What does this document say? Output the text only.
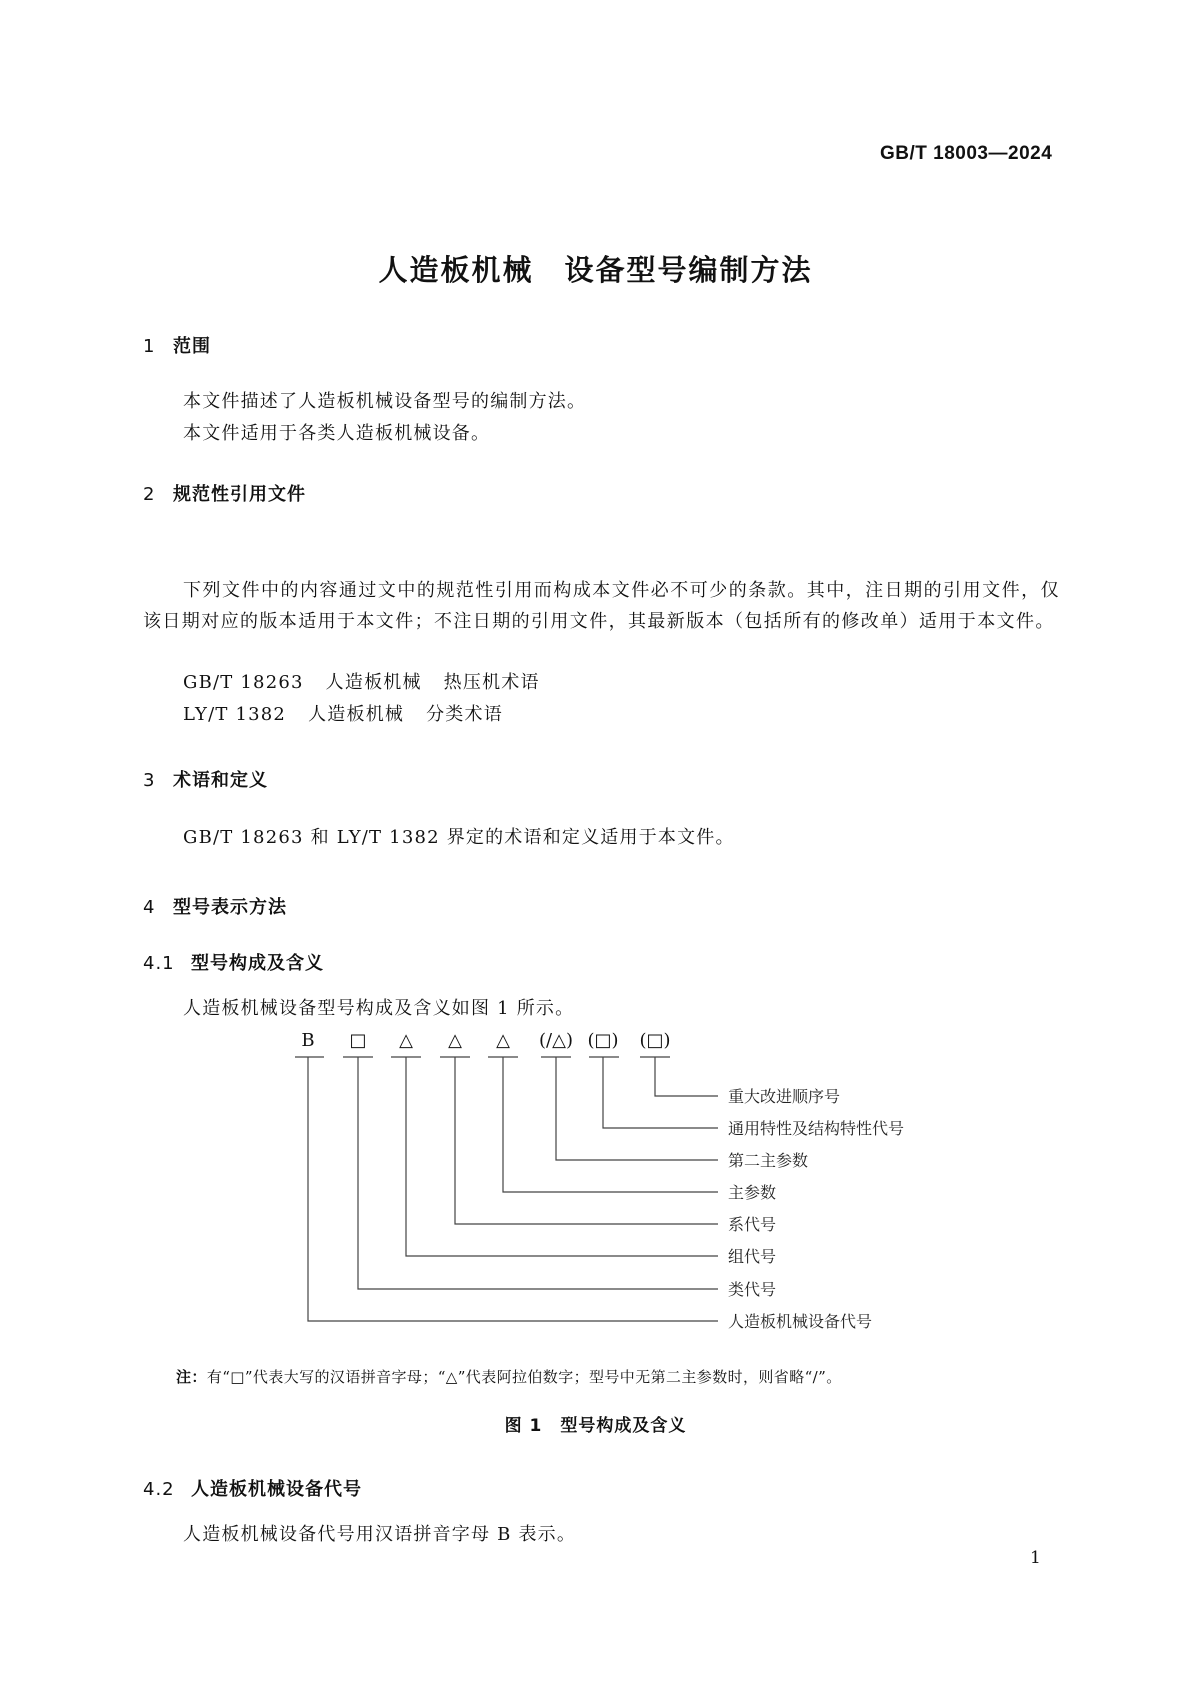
GB/T 18003—2024
人造板机械　设备型号编制方法
1 范围
本文件描述了人造板机械设备型号的编制方法。
本文件适用于各类人造板机械设备。
2 规范性引用文件
下列文件中的内容通过文中的规范性引用而构成本文件必不可少的条款。其中，注日期的引用文件，仅该日期对应的版本适用于本文件；不注日期的引用文件，其最新版本（包括所有的修改单）适用于本文件。
GB/T 18263 人造板机械 热压机术语
LY/T 1382 人造板机械 分类术语
3 术语和定义
GB/T 18263 和 LY/T 1382 界定的术语和定义适用于本文件。
4 型号表示方法
4.1 型号构成及含义
人造板机械设备型号构成及含义如图 1 所示。
B □ △ △ △ (/△) (□) (□)
重大改进顺序号
通用特性及结构特性代号
第二主参数
主参数
系代号
组代号
类代号
人造板机械设备代号
注：有“□”代表大写的汉语拼音字母；“△”代表阿拉伯数字；型号中无第二主参数时，则省略“/”。
图 1　型号构成及含义
4.2 人造板机械设备代号
人造板机械设备代号用汉语拼音字母 B 表示。
1
